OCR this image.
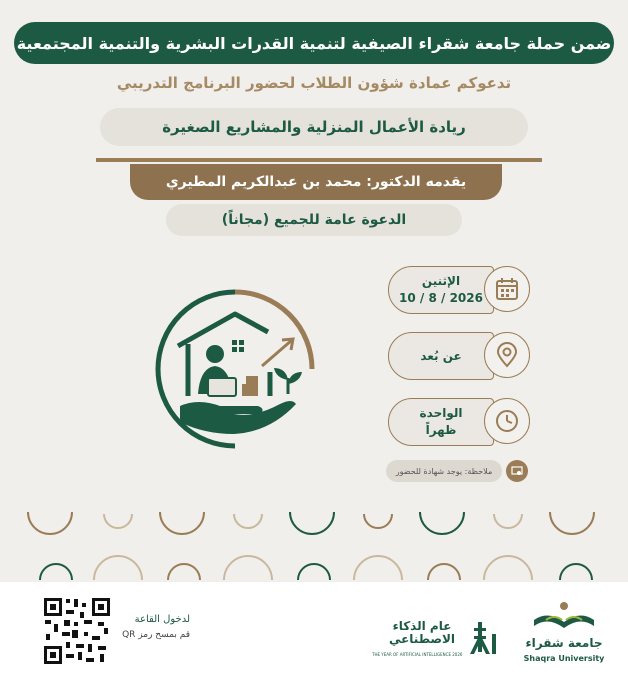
ضمن حملة جامعة شقراء الصيفية لتنمية القدرات البشرية والتنمية المجتمعية
تدعوكم عمادة شؤون الطلاب لحضور البرنامج التدريبي
ريادة الأعمال المنزلية والمشاريع الصغيرة
يقدمه الدكتور: محمد بن عبدالكريم المطيري
الدعوة عامة للجميع (مجاناً)
الإثنين
2026 / 8 / 10
عن بُعد
الواحدة
ظهراً
ملاحظة: يوجد شهادة للحضور
لدخول القاعة
قم بمسح رمز QR
عام الذكاء الاصطناعي
THE YEAR OF ARTIFICIAL INTELLIGENCE 2026
جامعة شقراء
Shaqra University
